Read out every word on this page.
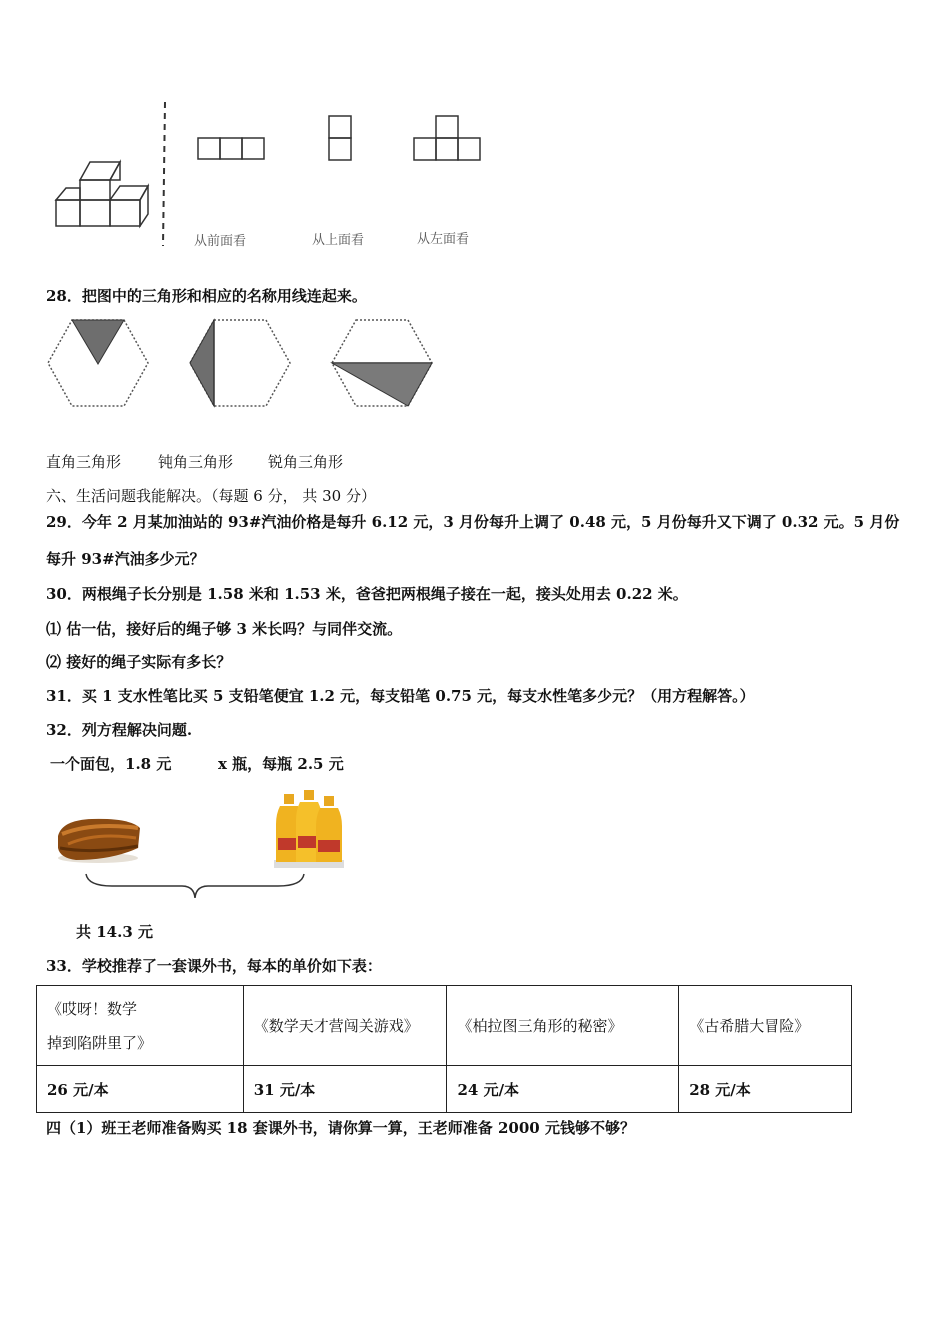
从前面看	从上面看	从左面看
28．把图中的三角形和相应的名称用线连起来。
直角三角形 钝角三角形 锐角三角形
六、生活问题我能解决。（每题 6 分， 共 30 分）
29．今年 2 月某加油站的 93#汽油价格是每升 6.12 元，3 月份每升上调了 0.48 元，5 月份每升又下调了 0.32 元。5 月份
每升 93#汽油多少元？
30．两根绳子长分别是 1.58 米和 1.53 米，爸爸把两根绳子接在一起，接头处用去 0.22 米。
⑴ 估一估，接好后的绳子够 3 米长吗？与同伴交流。
⑵ 接好的绳子实际有多长？
31．买 1 支水性笔比买 5 支铅笔便宜 1.2 元，每支铅笔 0.75 元，每支水性笔多少元？（用方程解答。）
32．列方程解决问题.
一个面包，1.8 元	x 瓶，每瓶 2.5 元
共 14.3 元
33．学校推荐了一套课外书，每本的单价如下表：
《哎呀！数学
掉到陷阱里了》	《数学天才营闯关游戏》	《柏拉图三角形的秘密》	《古希腊大冒险》
26 元/本	31 元/本	24 元/本	28 元/本
四（1）班王老师准备购买 18 套课外书，请你算一算，王老师准备 2000 元钱够不够？
